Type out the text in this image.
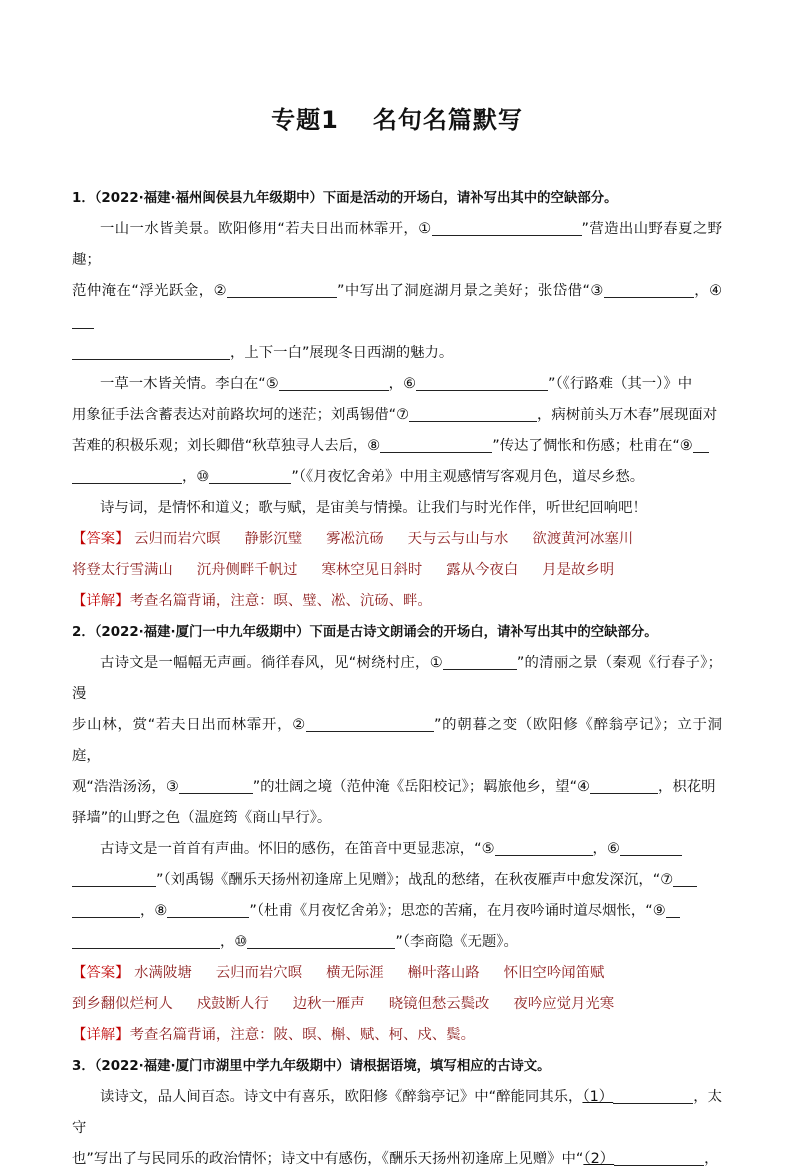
专题1 名句名篇默写

1．（2022·福建·福州闽侯县九年级期中）下面是活动的开场白，请补写出其中的空缺部分。

一山一水皆美景。欧阳修用“若夫日出而林霏开，①	”营造出山野春夏之野趣；
范仲淹在“浮光跃金，②	”中写出了洞庭湖月景之美好；张岱借“③	，④
，上下一白”展现冬日西湖的魅力。

一草一木皆关情。李白在“⑤	，⑥	”（《行路难（其一）》中
用象征手法含蓄表达对前路坎坷的迷茫；刘禹锡借“⑦	，病树前头万木春”展现面对
苦难的积极乐观；刘长卿借“秋草独寻人去后，⑧	”传达了惆怅和伤感；杜甫在“⑨
，⑩	”（《月夜忆舍弟》中用主观感情写客观月色，道尽乡愁。

诗与词，是情怀和道义；歌与赋，是宙美与情操。让我们与时光作伴，听世纪回响吧！

【答案】 云归而岩穴暝 静影沉璧 雾凇沆砀 天与云与山与水 欲渡黄河冰塞川
将登太行雪满山 沉舟侧畔千帆过 寒林空见日斜时 露从今夜白 月是故乡明

【详解】考查名篇背诵，注意：暝、璧、凇、沆砀、畔。

2．（2022·福建·厦门一中九年级期中）下面是古诗文朗诵会的开场白，请补写出其中的空缺部分。

古诗文是一幅幅无声画。徜徉春风，见“树绕村庄，①	”的清丽之景（秦观《行春子》；漫
步山林，赏“若夫日出而林霏开，②	”的朝暮之变（欧阳修《醉翁亭记》；立于洞庭，
观“浩浩汤汤，③	”的壮阔之境（范仲淹《岳阳校记》；羁旅他乡，望“④	，枳花明
驿墙”的山野之色（温庭筠《商山早行》。

古诗文是一首首有声曲。怀旧的感伤，在笛音中更显悲凉，“⑤	，⑥
”（刘禹锡《酬乐天扬州初逢席上见赠》；战乱的愁绪，在秋夜雁声中愈发深沉，“⑦
，⑧	”（杜甫《月夜忆舍弟》；思恋的苦痛，在月夜吟诵时道尽烟怅，“⑨
，⑩	”（李商隐《无题》。

【答案】 水满陂塘 云归而岩穴暝 横无际涯 槲叶落山路 怀旧空吟闻笛赋
到乡翻似烂柯人 戍鼓断人行 边秋一雁声 晓镜但愁云鬓改 夜吟应觉月光寒

【详解】考查名篇背诵，注意：陂、暝、槲、赋、柯、戍、鬓。

3．（2022·福建·厦门市湖里中学九年级期中）请根据语境，填写相应的古诗文。

读诗文，品人间百态。诗文中有喜乐，欧阳修《醉翁亭记》中“醉能同其乐，（1）	，太守
也”写出了与民同乐的政治情怀；诗文中有感伤，《酬乐天扬州初逢席上见赠》中“（2）	，
